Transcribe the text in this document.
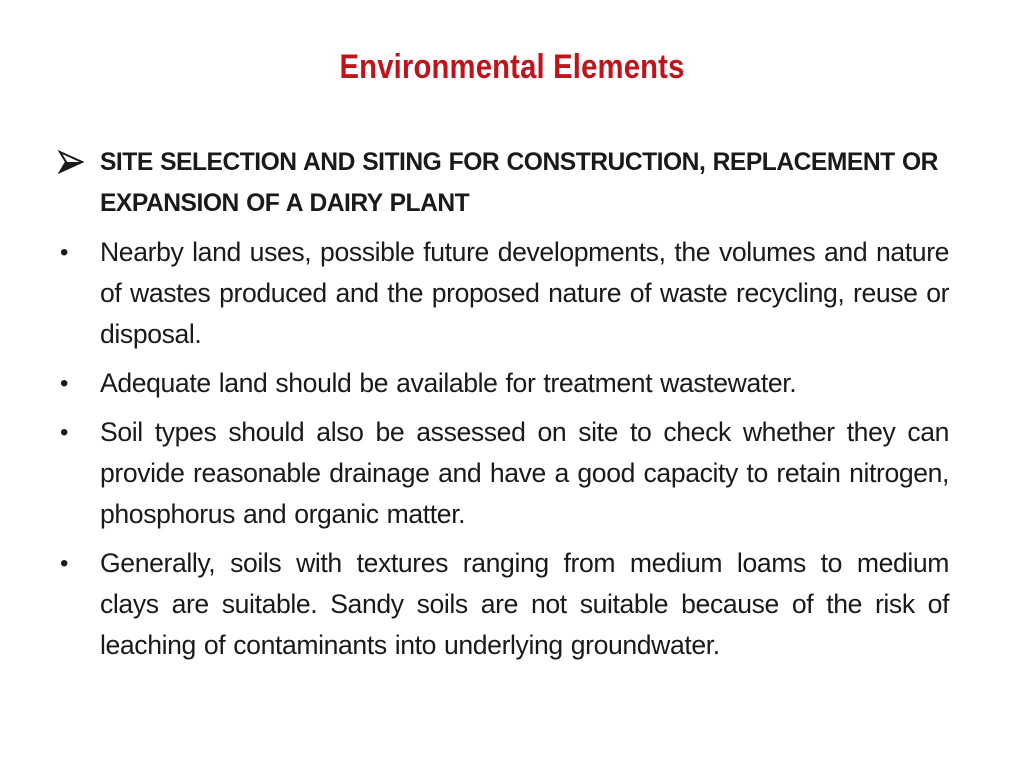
Environmental Elements
SITE SELECTION AND SITING FOR CONSTRUCTION, REPLACEMENT OR EXPANSION OF A DAIRY PLANT
•	Nearby land uses, possible future developments, the volumes and nature of wastes produced and the proposed nature of waste recycling, reuse or disposal.
•	Adequate land should be available for treatment wastewater.
•	Soil types should also be assessed on site to check whether they can provide reasonable drainage and have a good capacity to retain nitrogen, phosphorus and organic matter.
•	Generally, soils with textures ranging from medium loams to medium clays are suitable. Sandy soils are not suitable because of the risk of leaching of contaminants into underlying groundwater.
